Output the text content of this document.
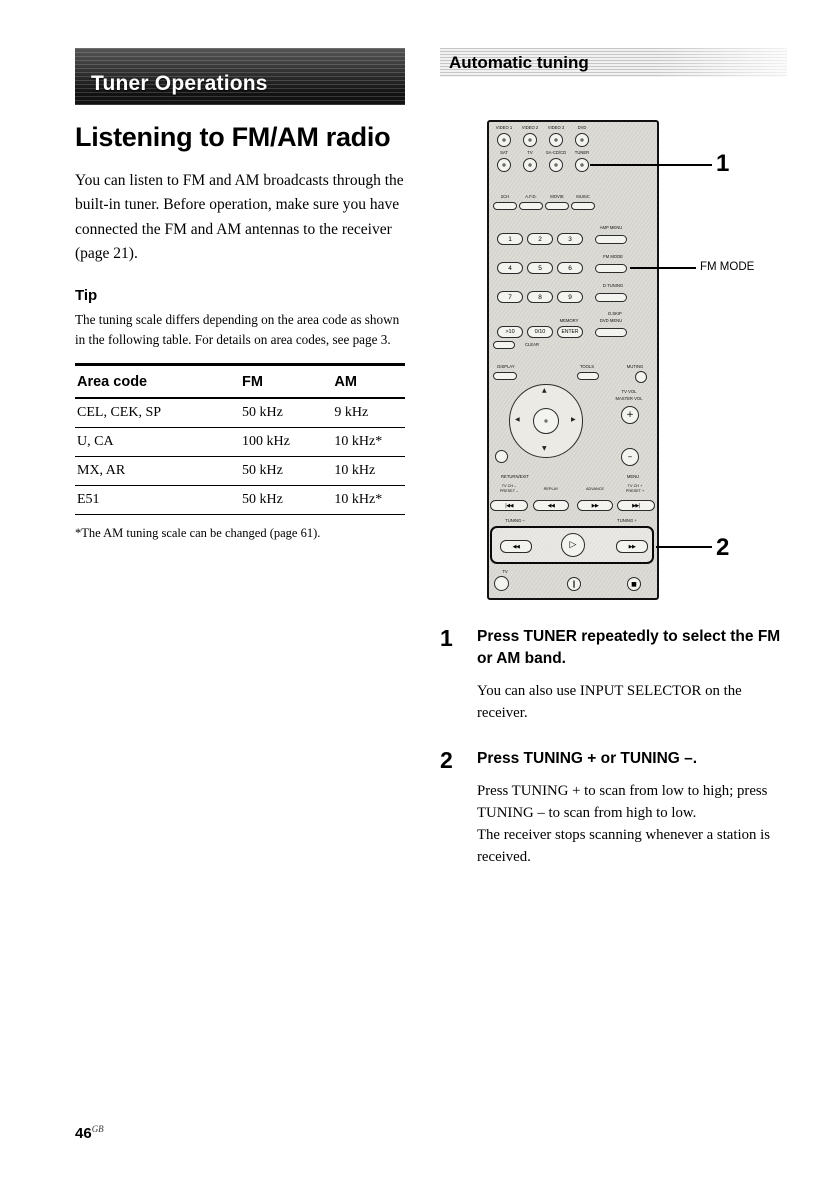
Tuner Operations
Listening to FM/AM radio

You can listen to FM and AM broadcasts through the built-in tuner. Before operation, make sure you have connected the FM and AM antennas to the receiver (page 21).

Tip

The tuning scale differs depending on the area code as shown in the following table. For details on area codes, see page 3.

Area code	FM	AM
CEL, CEK, SP	50 kHz	9 kHz
U, CA	100 kHz	10 kHz*
MX, AR	50 kHz	10 kHz
E51	50 kHz	10 kHz*

*The AM tuning scale can be changed (page 61).

Automatic tuning
VIDEO 1	VIDEO 2	VIDEO 3	DVD
SAT	TV	SA-CD/CD	TUNER
2CH	A.F.D.	MOVIE	MUSIC
AMP MENU
1	2	3
FM MODE
4	5	6
D.TUNING
7	8	9
D.SKIP
MEMORY	DVD MENU
>10	0/10	ENTER
CLEAR
DISPLAY	TOOLS	MUTING
▲
▼
◀	▶
TV VOL
MASTER VOL
+
–
RETURN/EXIT	MENU
TV CH –
PRESET –	REPLAY	ADVANCE
TV CH +
PRESET +
|◀◀	◀◀	▶▶	▶▶|
TUNING –	TUNING +
◀◀	▷	▶▶
TV
‖	■
1
FM MODE
2
1	Press TUNER repeatedly to select the FM or AM band.
You can also use INPUT SELECTOR on the receiver.
2	Press TUNING + or TUNING –.
Press TUNING + to scan from low to high; press TUNING – to scan from high to low.
The receiver stops scanning whenever a station is received.
$46^{GB}$
